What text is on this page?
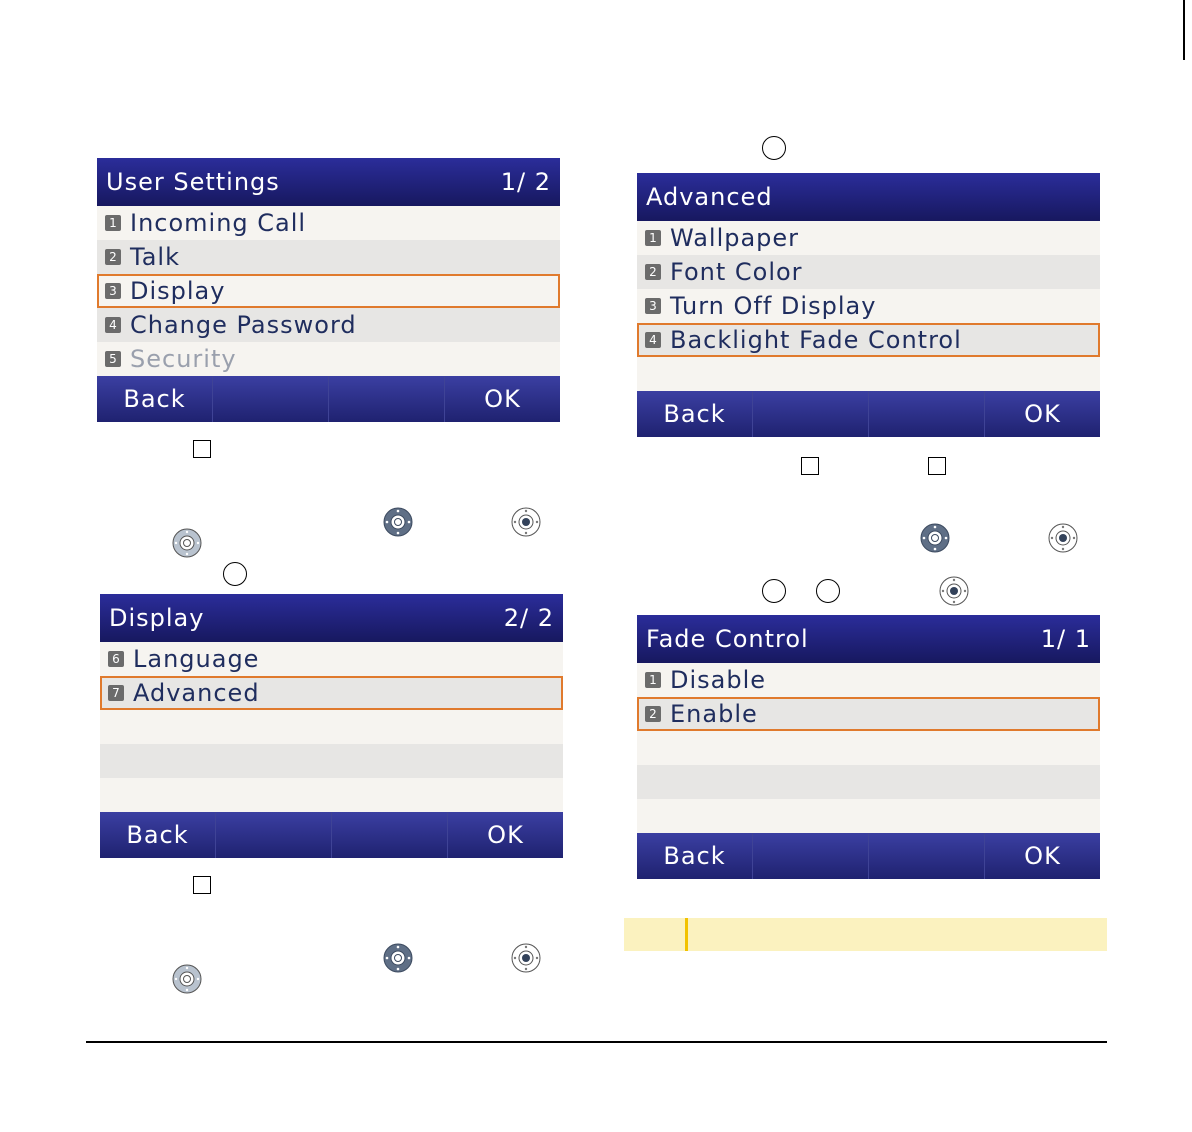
User Settings	1/ 2
1 Incoming Call
2 Talk
3 Display
4 Change Password
5 Security
Back	OK
Display	2/ 2
6 Language
7 Advanced
Back	OK
Advanced
1 Wallpaper
2 Font Color
3 Turn Off Display
4 Backlight Fade Control
Back	OK
Fade Control	1/ 1
1 Disable
2 Enable
Back	OK
